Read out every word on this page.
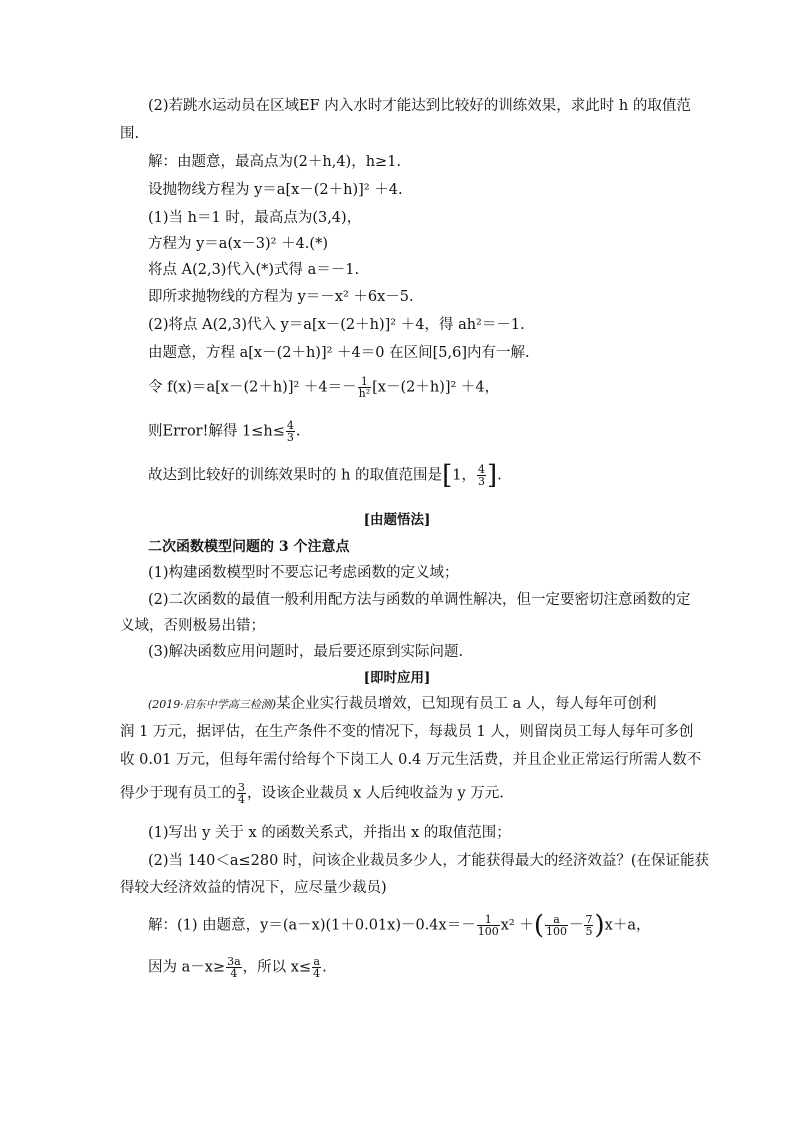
(2)若跳水运动员在区域EF 内入水时才能达到比较好的训练效果，求此时 h 的取值范
围.
解：由题意，最高点为(2＋h,4)，h≥1.
设抛物线方程为 y＝a[x－(2＋h)]² ＋4.
(1)当 h＝1 时，最高点为(3,4)，
方程为 y＝a(x－3)² ＋4.(*)
将点 A(2,3)代入(*)式得 a＝－1.
即所求抛物线的方程为 y＝－x² ＋6x－5.
(2)将点 A(2,3)代入 y＝a[x－(2＋h)]² ＋4，得 ah²＝－1.
由题意，方程 a[x－(2＋h)]² ＋4＝0 在区间[5,6]内有一解.
令 $f(x)=a[x-(2+h)]^2 +4=- \frac{1}{\text{h²}} [x-(2+h)]^2 +4$，
则Error!解得 $1\le h\le \frac{4}{3}$ .
故达到比较好的训练效果时的 h 的取值范围是[1， $\frac{4}{3}$ ].
[由题悟法]
二次函数模型问题的 3 个注意点
(1)构建函数模型时不要忘记考虑函数的定义域；
(2)二次函数的最值一般利用配方法与函数的单调性解决，但一定要密切注意函数的定
义域，否则极易出错；
(3)解决函数应用问题时，最后要还原到实际问题.
[即时应用]
(2019·启东中学高三检测)某企业实行裁员增效，已知现有员工 a 人，每人每年可创利
润 1 万元，据评估，在生产条件不变的情况下，每裁员 1 人，则留岗员工每人每年可多创
收 0.01 万元，但每年需付给每个下岗工人 0.4 万元生活费，并且企业正常运行所需人数不
得少于现有员工的 $\frac{3}{4}$ ，设该企业裁员 x 人后纯收益为 y 万元.
(1)写出 y 关于 x 的函数关系式，并指出 x 的取值范围；
(2)当 140＜a≤280 时，问该企业裁员多少人，才能获得最大的经济效益？(在保证能获
得较大经济效益的情况下，应尽量少裁员)
解：(1) 由题意，$y=(a-x)(1+0.01x)-0.4x=- \frac{1}{100} x^2$ ＋( $\frac{a}{100} - \frac{7}{5} )x+a$，
因为 $a-x\ge \frac{3a}{4}$ ，所以 $x\le \frac{a}{4}$ .
